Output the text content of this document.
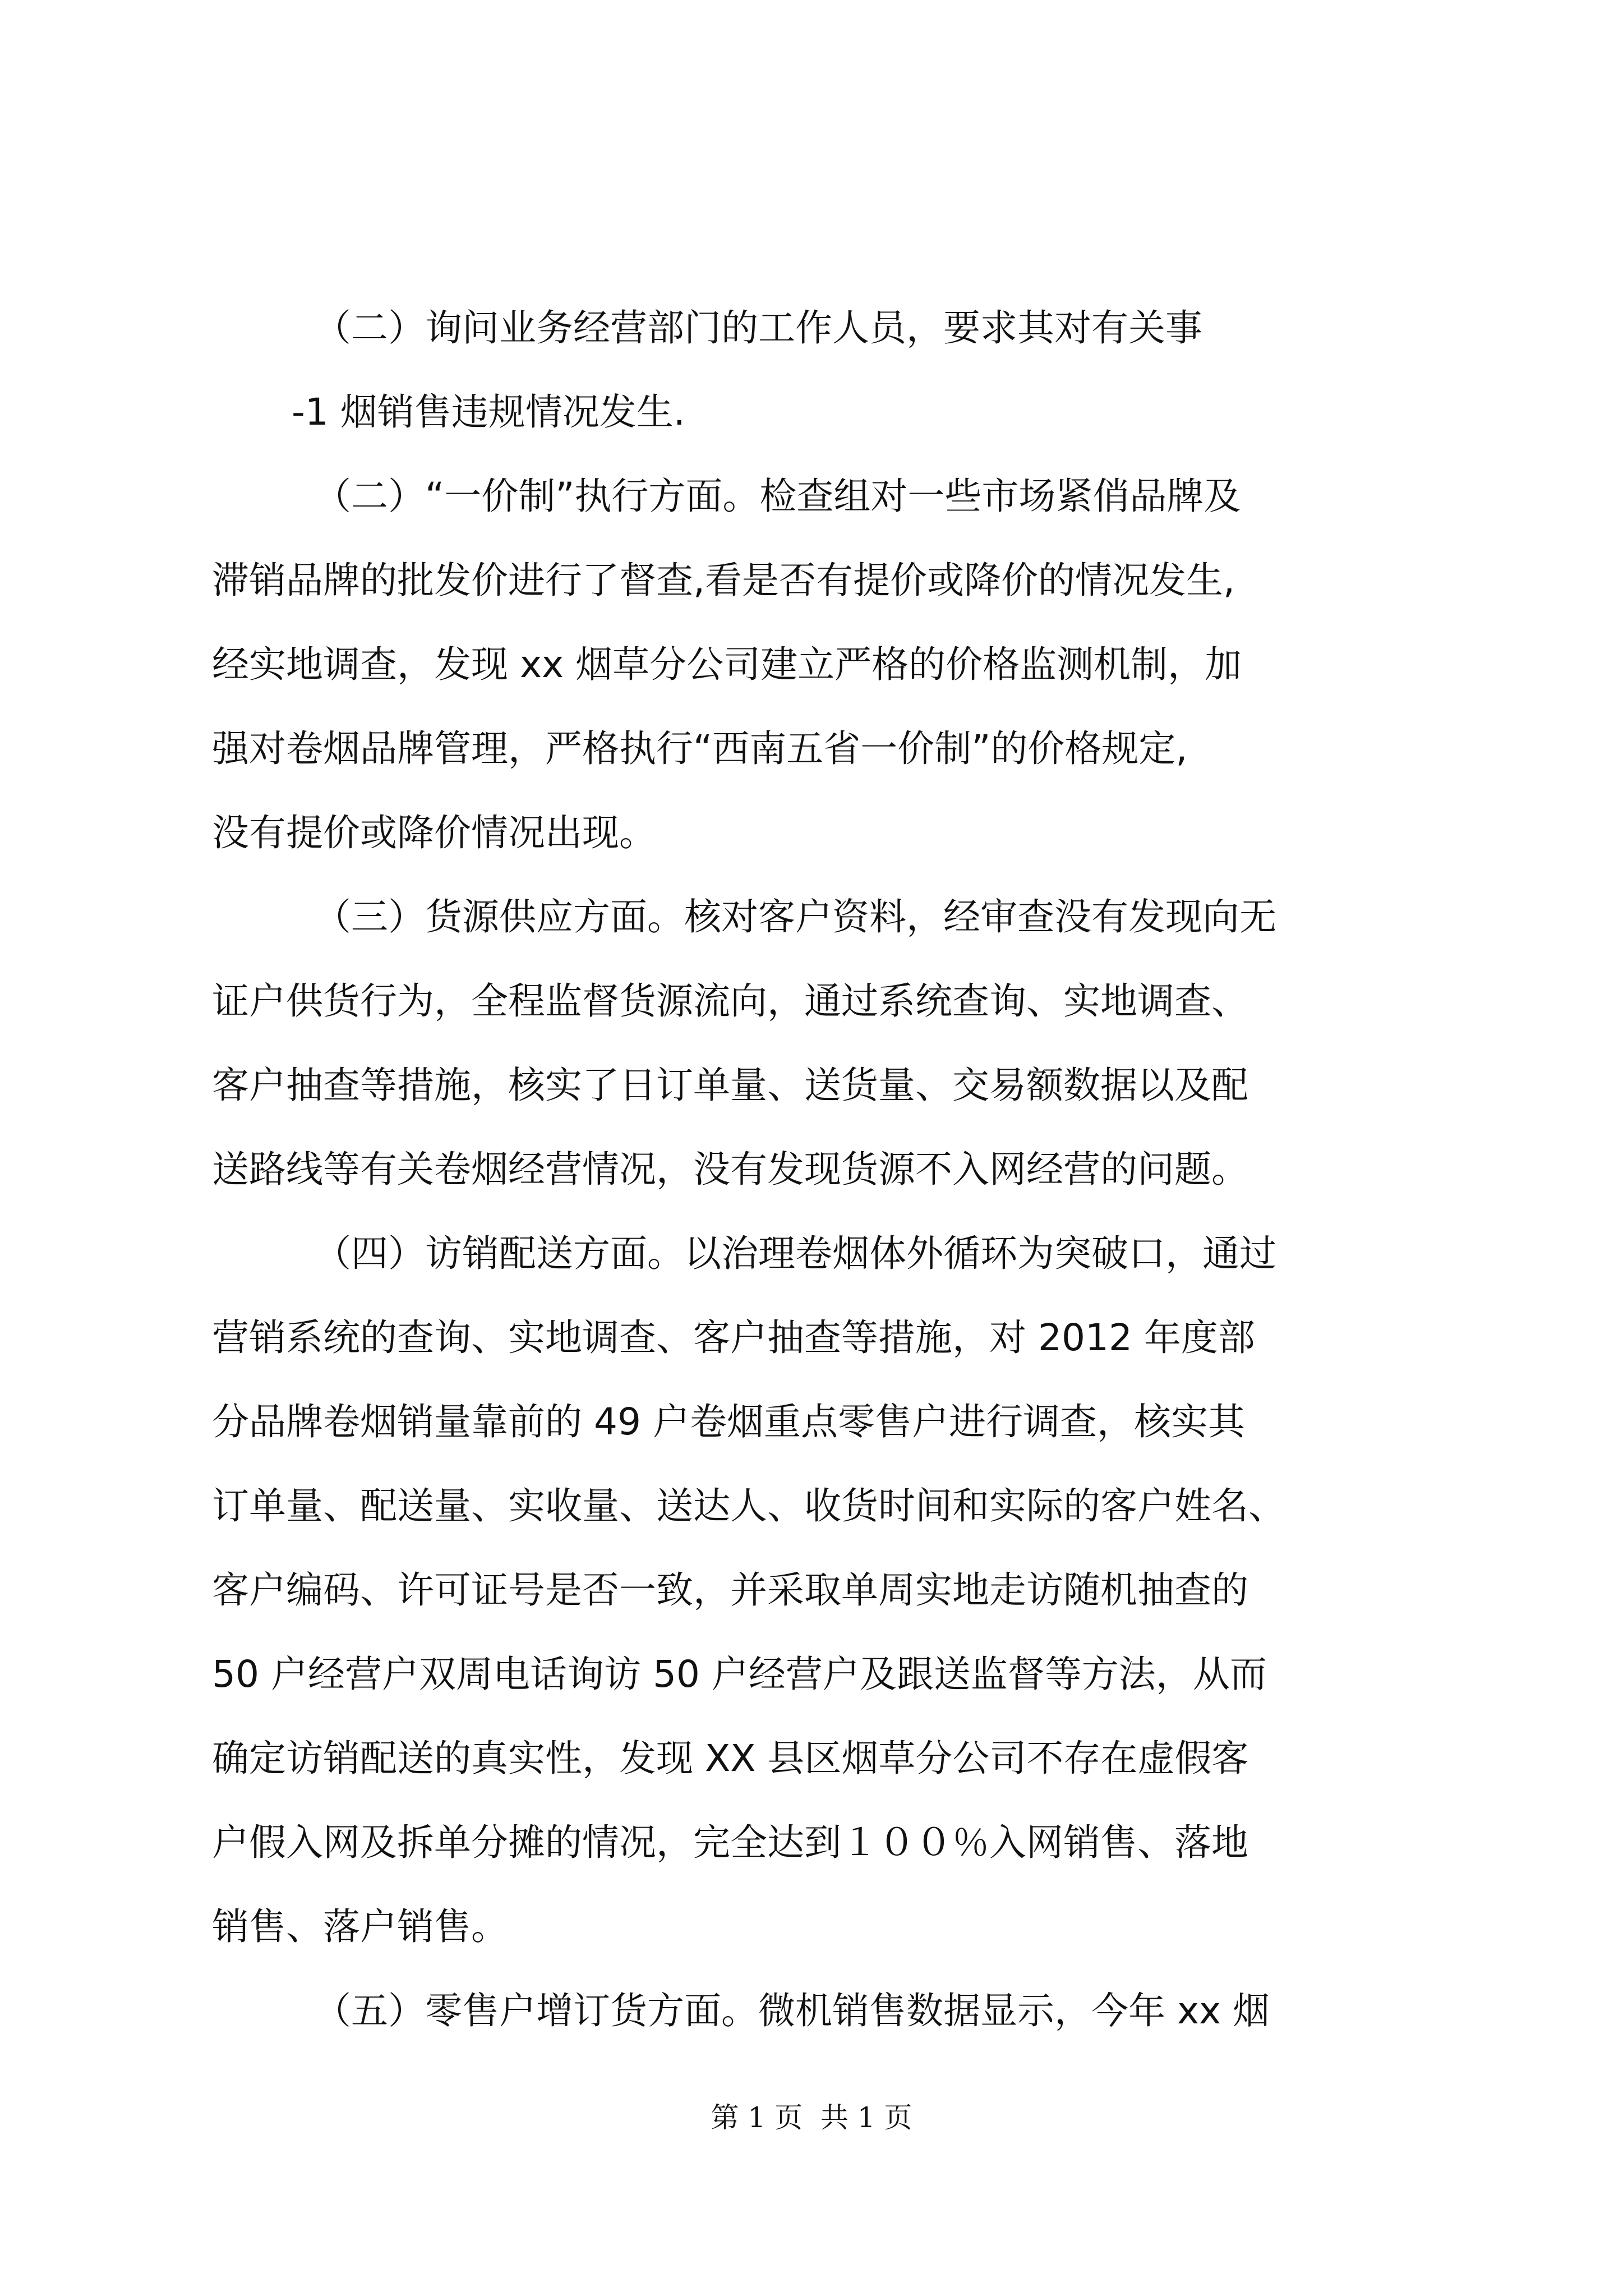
（二）询问业务经营部门的工作人员，要求其对有关事
-1 烟销售违规情况发生.
（二）“一价制”执行方面。检查组对一些市场紧俏品牌及
滞销品牌的批发价进行了督查,看是否有提价或降价的情况发生,
经实地调查，发现 xx 烟草分公司建立严格的价格监测机制，加
强对卷烟品牌管理，严格执行“西南五省一价制”的价格规定,
没有提价或降价情况出现。
（三）货源供应方面。核对客户资料，经审查没有发现向无
证户供货行为，全程监督货源流向，通过系统查询、实地调查、
客户抽查等措施，核实了日订单量、送货量、交易额数据以及配
送路线等有关卷烟经营情况，没有发现货源不入网经营的问题。
（四）访销配送方面。以治理卷烟体外循环为突破口，通过
营销系统的查询、实地调查、客户抽查等措施，对 2012 年度部
分品牌卷烟销量靠前的 49 户卷烟重点零售户进行调查，核实其
订单量、配送量、实收量、送达人、收货时间和实际的客户姓名、
客户编码、许可证号是否一致，并采取单周实地走访随机抽查的
50 户经营户双周电话询访 50 户经营户及跟送监督等方法，从而
确定访销配送的真实性，发现 XX 县区烟草分公司不存在虚假客
户假入网及拆单分摊的情况，完全达到１００％入网销售、落地
销售、落户销售。
（五）零售户增订货方面。微机销售数据显示，今年 xx 烟
第 1 页  共 1 页
